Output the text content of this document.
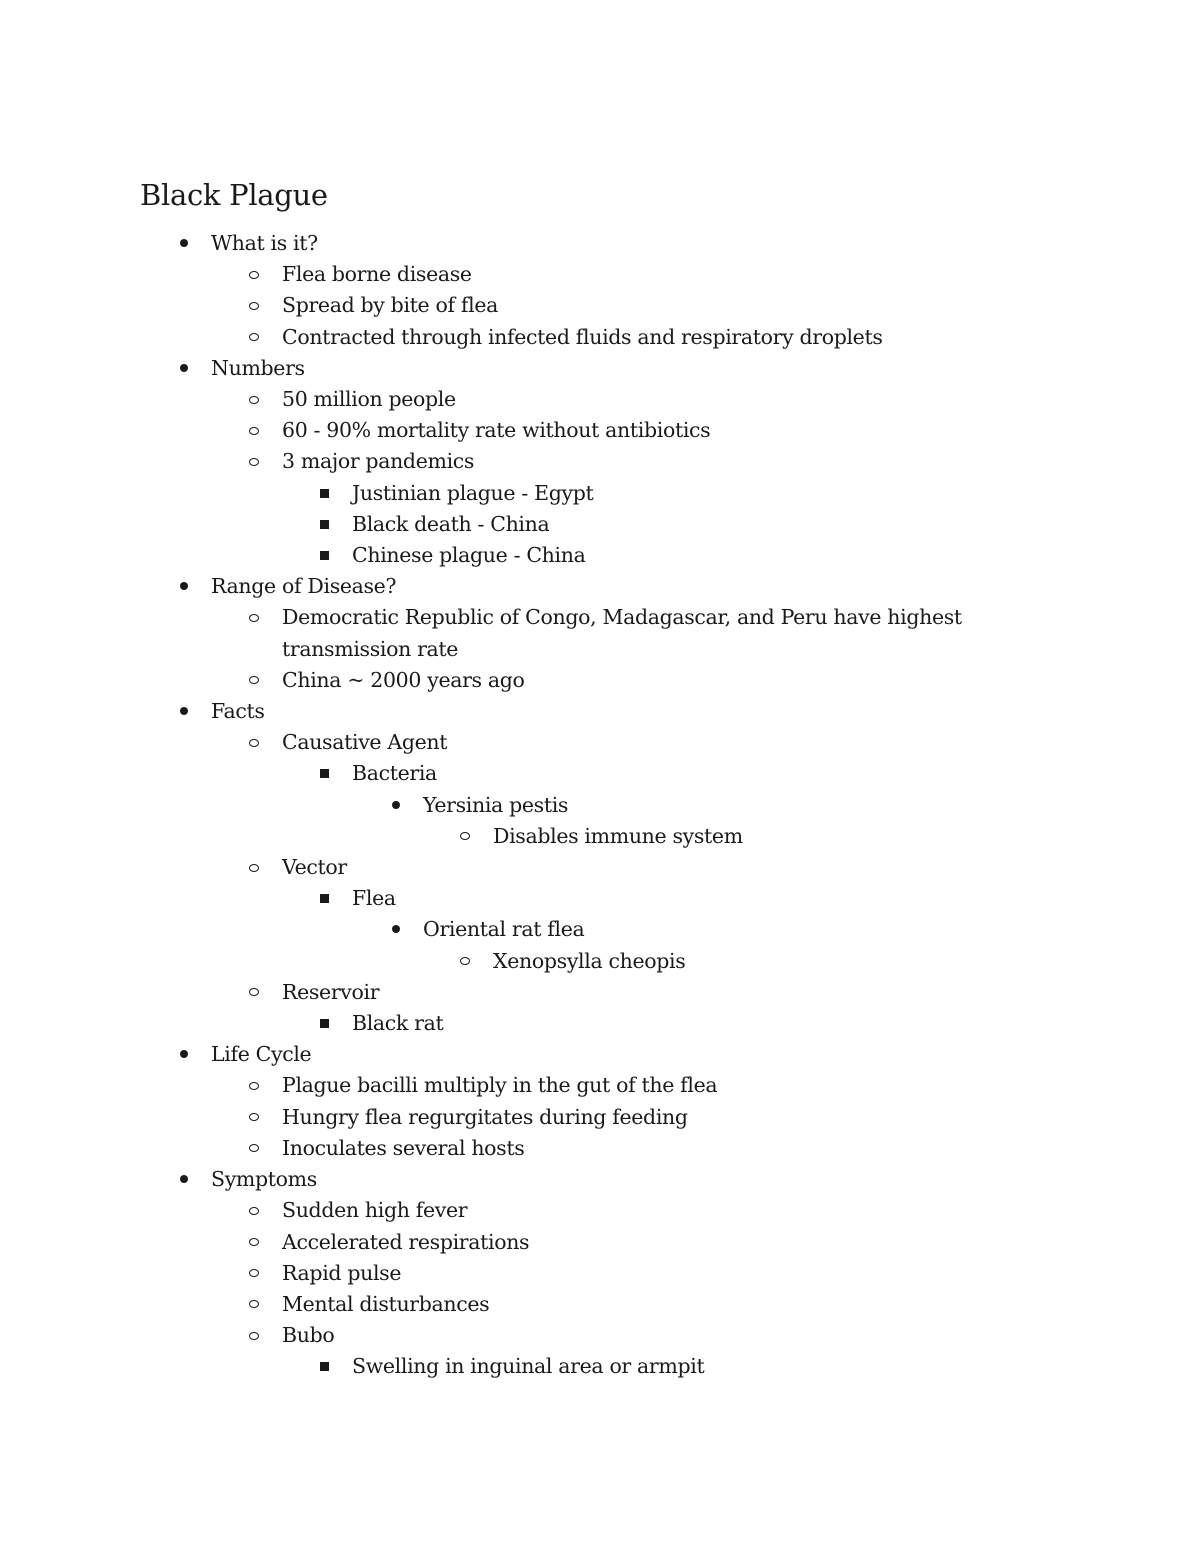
Black Plague
What is it?
Flea borne disease
Spread by bite of flea
Contracted through infected fluids and respiratory droplets
Numbers
50 million people
60 - 90% mortality rate without antibiotics
3 major pandemics
Justinian plague - Egypt
Black death - China
Chinese plague - China
Range of Disease?
Democratic Republic of Congo, Madagascar, and Peru have highest transmission rate
China ~ 2000 years ago
Facts
Causative Agent
Bacteria
Yersinia pestis
Disables immune system
Vector
Flea
Oriental rat flea
Xenopsylla cheopis
Reservoir
Black rat
Life Cycle
Plague bacilli multiply in the gut of the flea
Hungry flea regurgitates during feeding
Inoculates several hosts
Symptoms
Sudden high fever
Accelerated respirations
Rapid pulse
Mental disturbances
Bubo
Swelling in inguinal area or armpit
